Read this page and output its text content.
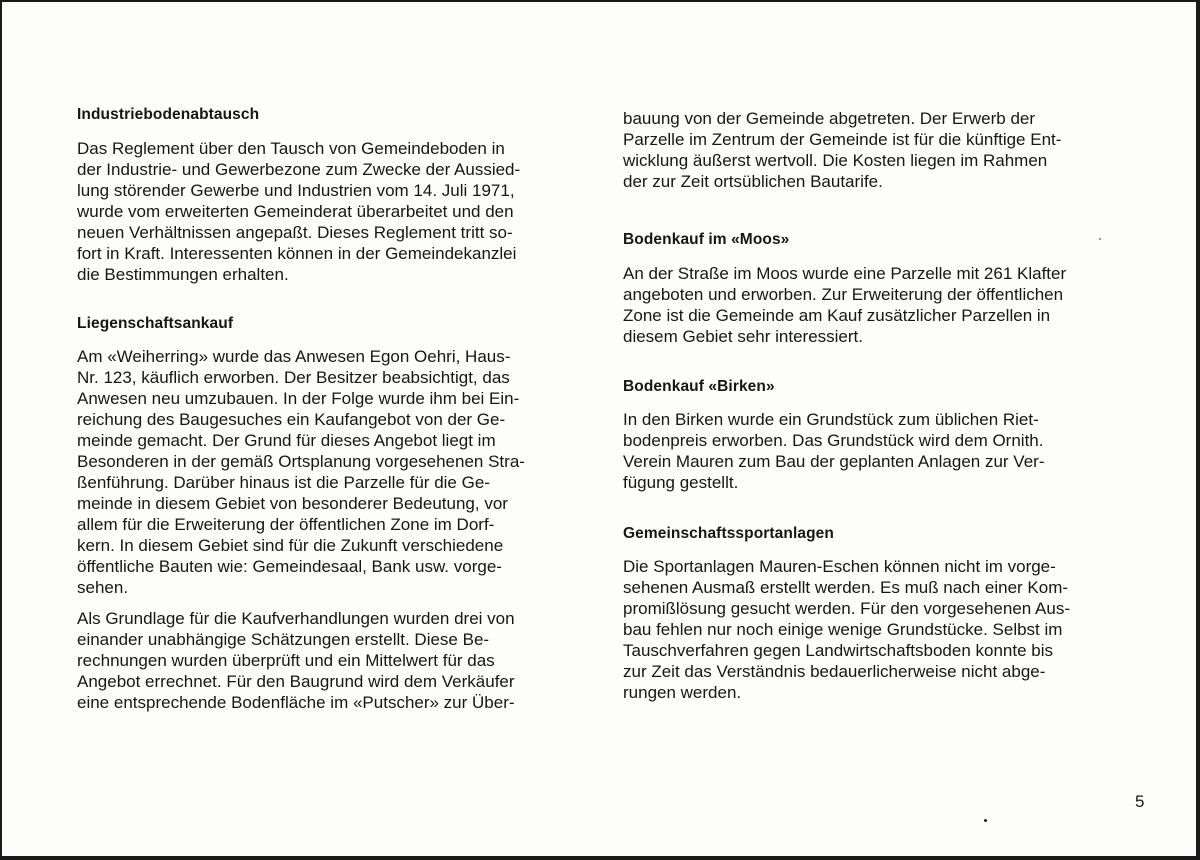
Industriebodenabtausch

Das Reglement über den Tausch von Gemeindeboden in
der Industrie- und Gewerbezone zum Zwecke der Aussied-
lung störender Gewerbe und Industrien vom 14. Juli 1971,
wurde vom erweiterten Gemeinderat überarbeitet und den
neuen Verhältnissen angepaßt. Dieses Reglement tritt so-
fort in Kraft. Interessenten können in der Gemeindekanzlei
die Bestimmungen erhalten.

Liegenschaftsankauf

Am «Weiherring» wurde das Anwesen Egon Oehri, Haus-
Nr. 123, käuflich erworben. Der Besitzer beabsichtigt, das
Anwesen neu umzubauen. In der Folge wurde ihm bei Ein-
reichung des Baugesuches ein Kaufangebot von der Ge-
meinde gemacht. Der Grund für dieses Angebot liegt im
Besonderen in der gemäß Ortsplanung vorgesehenen Stra-
ßenführung. Darüber hinaus ist die Parzelle für die Ge-
meinde in diesem Gebiet von besonderer Bedeutung, vor
allem für die Erweiterung der öffentlichen Zone im Dorf-
kern. In diesem Gebiet sind für die Zukunft verschiedene
öffentliche Bauten wie: Gemeindesaal, Bank usw. vorge-
sehen.

Als Grundlage für die Kaufverhandlungen wurden drei von
einander unabhängige Schätzungen erstellt. Diese Be-
rechnungen wurden überprüft und ein Mittelwert für das
Angebot errechnet. Für den Baugrund wird dem Verkäufer
eine entsprechende Bodenfläche im «Putscher» zur Über-

bauung von der Gemeinde abgetreten. Der Erwerb der
Parzelle im Zentrum der Gemeinde ist für die künftige Ent-
wicklung äußerst wertvoll. Die Kosten liegen im Rahmen
der zur Zeit ortsüblichen Bautarife.

Bodenkauf im «Moos»

An der Straße im Moos wurde eine Parzelle mit 261 Klafter
angeboten und erworben. Zur Erweiterung der öffentlichen
Zone ist die Gemeinde am Kauf zusätzlicher Parzellen in
diesem Gebiet sehr interessiert.

Bodenkauf «Birken»

In den Birken wurde ein Grundstück zum üblichen Riet-
bodenpreis erworben. Das Grundstück wird dem Ornith.
Verein Mauren zum Bau der geplanten Anlagen zur Ver-
fügung gestellt.

Gemeinschaftssportanlagen

Die Sportanlagen Mauren-Eschen können nicht im vorge-
sehenen Ausmaß erstellt werden. Es muß nach einer Kom-
promißlösung gesucht werden. Für den vorgesehenen Aus-
bau fehlen nur noch einige wenige Grundstücke. Selbst im
Tauschverfahren gegen Landwirtschaftsboden konnte bis
zur Zeit das Verständnis bedauerlicherweise nicht abge-
rungen werden.

5
